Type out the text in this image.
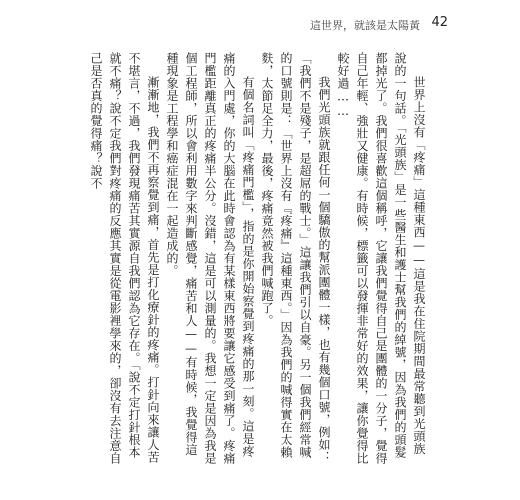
這世界，就該是太陽黃 42

世界上沒有「疼痛」這種東西——這是我在住院期間最常聽到光頭族說的一句話。「光頭族」是一些醫生和護士幫我們的綽號，因為我們的頭髮都掉光了。我們很喜歡這個稱呼，它讓我們覺得自己是團體的一分子，覺得自己年輕、強壯又健康。有時候，標籤可以發揮非常好的效果，讓你覺得比較好過……

我們光頭族就跟任何一個驕傲的幫派團體一樣，也有幾個口號，例如：「我們不是殘子，是超屌的戰士。」這讓我們引以自豪。另一個我們經常喊的口號則是：「世界上沒有『疼痛』這種東西。」因為我們的喊得實在太賴麩，太節足全力，最後，疼痛竟然被我們喊跑了。

有個名詞叫「疼痛門檻」，指的是你開始察覺到疼痛的那一刻。這是疼痛的入門處，你的大腦在此時會認為有某樣東西將要讓它感受到痛了。疼痛門檻距離真正的疼痛半公分。沒錯，這是可以測量的。我想一定是因為我是個工程師，所以會利用數字來判斷感覺，痛苦和人——有時候，我覺得這種現象是工程學和癌症混在一起造成的。

漸漸地，我們不再察覺到痛，首先是打化療針的疼痛。打針向來讓人苦不堪言，不過，我們發現痛苦其實源自我們認為它存在。「說不定打針根本就不痛？說不定我們對疼痛的反應其實是從電影裡學來的，卻沒有去注意自己是否真的覺得痛？說不
